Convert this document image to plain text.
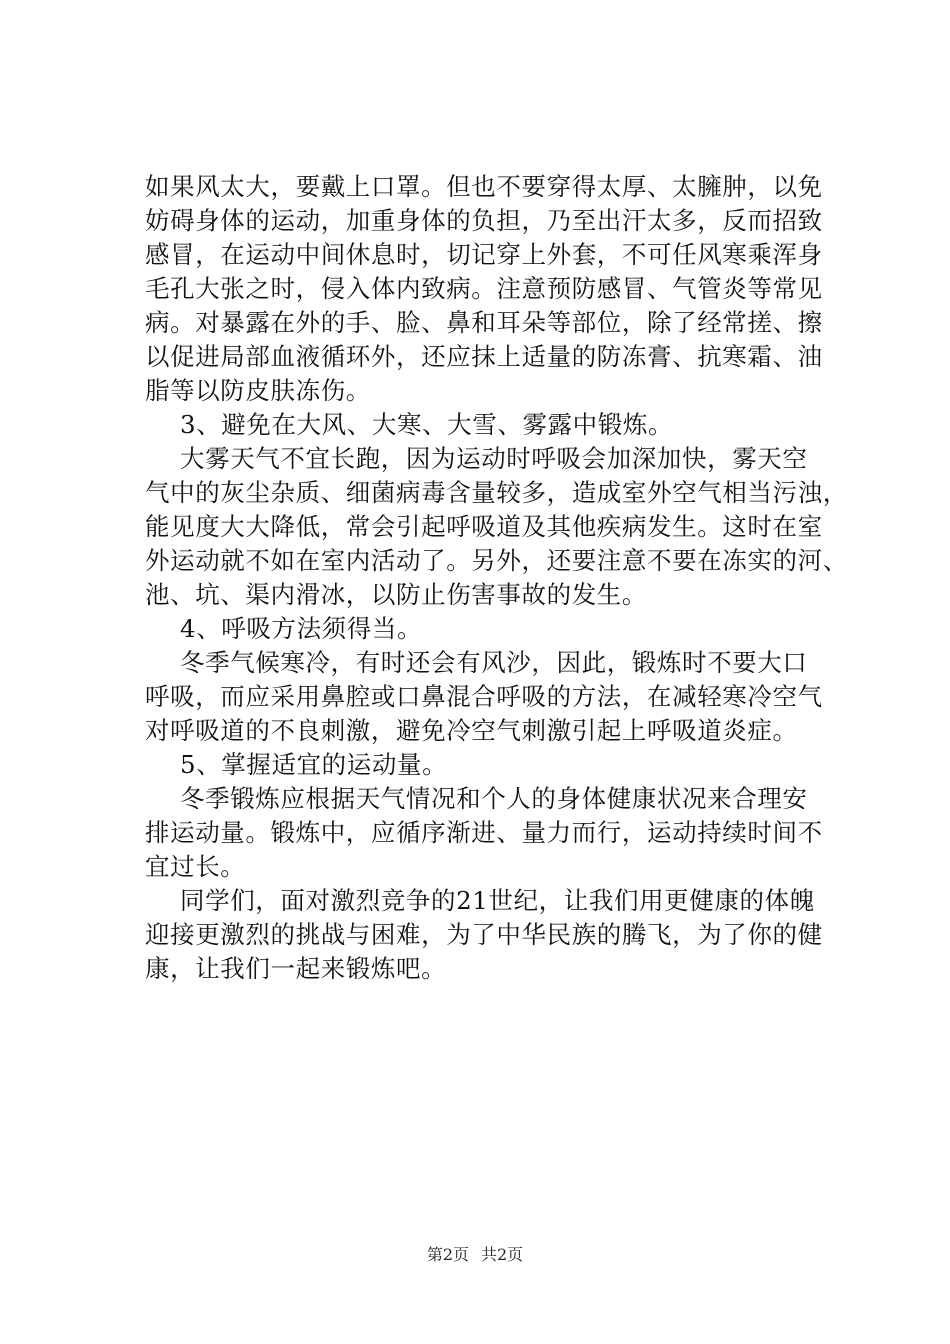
如果风太大，要戴上口罩。但也不要穿得太厚、太臃肿，以免
妨碍身体的运动，加重身体的负担，乃至出汗太多，反而招致
感冒，在运动中间休息时，切记穿上外套，不可任风寒乘浑身
毛孔大张之时，侵入体内致病。注意预防感冒、气管炎等常见
病。对暴露在外的手、脸、鼻和耳朵等部位，除了经常搓、擦
以促进局部血液循环外，还应抹上适量的防冻膏、抗寒霜、油
脂等以防皮肤冻伤。
3、避免在大风、大寒、大雪、雾露中锻炼。
大雾天气不宜长跑，因为运动时呼吸会加深加快，雾天空
气中的灰尘杂质、细菌病毒含量较多，造成室外空气相当污浊，
能见度大大降低，常会引起呼吸道及其他疾病发生。这时在室
外运动就不如在室内活动了。另外，还要注意不要在冻实的河、
池、坑、渠内滑冰，以防止伤害事故的发生。
4、呼吸方法须得当。
冬季气候寒冷，有时还会有风沙，因此，锻炼时不要大口
呼吸，而应采用鼻腔或口鼻混合呼吸的方法，在减轻寒冷空气
对呼吸道的不良刺激，避免冷空气刺激引起上呼吸道炎症。
5、掌握适宜的运动量。
冬季锻炼应根据天气情况和个人的身体健康状况来合理安
排运动量。锻炼中，应循序渐进、量力而行，运动持续时间不
宜过长。
同学们，面对激烈竞争的21世纪，让我们用更健康的体魄
迎接更激烈的挑战与困难，为了中华民族的腾飞，为了你的健
康，让我们一起来锻炼吧。
第2页 共2页
